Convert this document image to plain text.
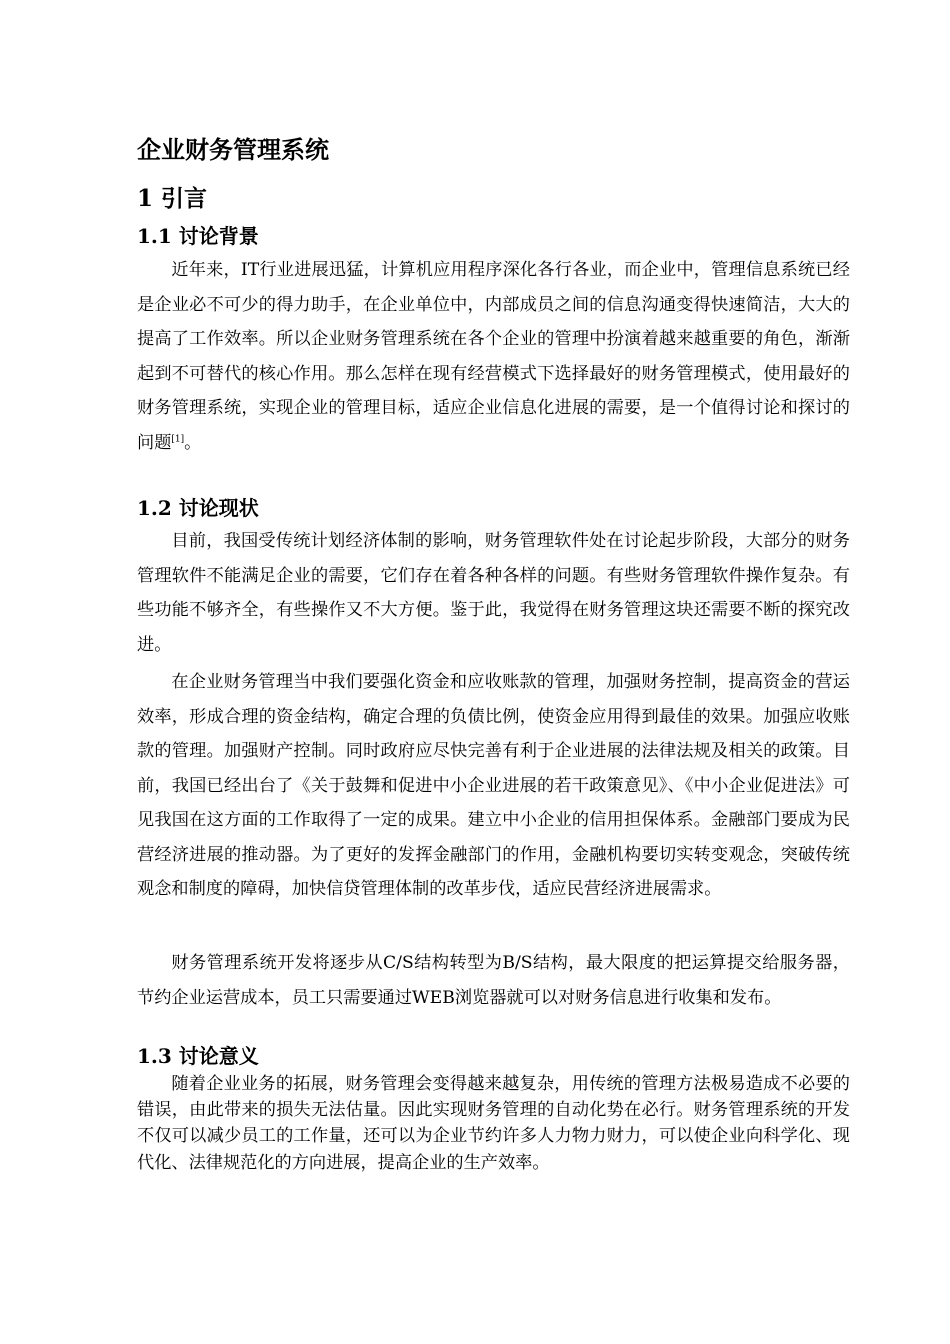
企业财务管理系统
1 引言
1.1 讨论背景

近年来，IT行业进展迅猛，计算机应用程序深化各行各业，而企业中，管理信息系统已经是企业必不可少的得力助手，在企业单位中，内部成员之间的信息沟通变得快速简洁，大大的提高了工作效率。所以企业财务管理系统在各个企业的管理中扮演着越来越重要的角色，渐渐起到不可替代的核心作用。那么怎样在现有经营模式下选择最好的财务管理模式，使用最好的财务管理系统，实现企业的管理目标，适应企业信息化进展的需要，是一个值得讨论和探讨的问题[1]。

1.2 讨论现状

目前，我国受传统计划经济体制的影响，财务管理软件处在讨论起步阶段，大部分的财务管理软件不能满足企业的需要，它们存在着各种各样的问题。有些财务管理软件操作复杂。有些功能不够齐全，有些操作又不大方便。鉴于此，我觉得在财务管理这块还需要不断的探究改进。

在企业财务管理当中我们要强化资金和应收账款的管理，加强财务控制，提高资金的营运效率，形成合理的资金结构，确定合理的负债比例，使资金应用得到最佳的效果。加强应收账款的管理。加强财产控制。同时政府应尽快完善有利于企业进展的法律法规及相关的政策。目前，我国已经出台了《关于鼓舞和促进中小企业进展的若干政策意见》、《中小企业促进法》可见我国在这方面的工作取得了一定的成果。建立中小企业的信用担保体系。金融部门要成为民营经济进展的推动器。为了更好的发挥金融部门的作用，金融机构要切实转变观念，突破传统观念和制度的障碍，加快信贷管理体制的改革步伐，适应民营经济进展需求。

财务管理系统开发将逐步从C/S结构转型为B/S结构，最大限度的把运算提交给服务器，节约企业运营成本，员工只需要通过WEB浏览器就可以对财务信息进行收集和发布。

1.3 讨论意义

随着企业业务的拓展，财务管理会变得越来越复杂，用传统的管理方法极易造成不必要的错误，由此带来的损失无法估量。因此实现财务管理的自动化势在必行。财务管理系统的开发不仅可以减少员工的工作量，还可以为企业节约许多人力物力财力，可以使企业向科学化、现代化、法律规范化的方向进展，提高企业的生产效率。
